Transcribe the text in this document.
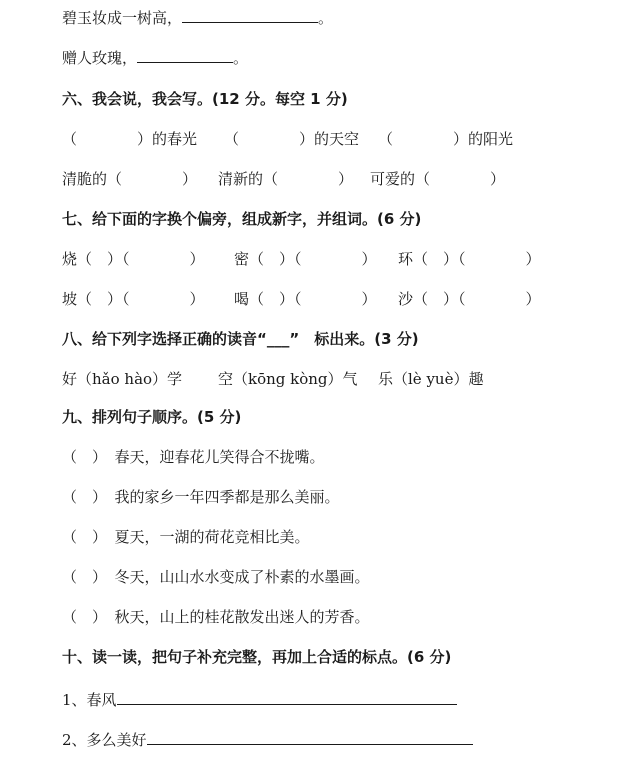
碧玉妆成一树高，	。
赠人玫瑰，	。
六、我会说，我会写。(12 分。每空 1 分)
（　　　　）的春光 （　　　　）的天空 （　　　　）的阳光
清脆的（　　　　） 清新的（　　　　） 可爱的（　　　　）
七、给下面的字换个偏旁，组成新字，并组词。(6 分)
烧（　）（　　　　） 密（　）（　　　　） 环（　）（　　　　）
坡（　）（　　　　） 喝（　）（　　　　） 沙（　）（　　　　）
八、给下列字选择正确的读音“___”　标出来。(3 分)
好（hǎo hào）学 空（kōng kòng）气 乐（lè yuè）趣
九、排列句子顺序。(5 分)
（　）　春天，迎春花儿笑得合不拢嘴。
（　）　我的家乡一年四季都是那么美丽。
（　）　夏天，一湖的荷花竞相比美。
（　）　冬天，山山水水变成了朴素的水墨画。
（　）　秋天，山上的桂花散发出迷人的芳香。
十、读一读，把句子补充完整，再加上合适的标点。(6 分)
1、春风
2、多么美好
